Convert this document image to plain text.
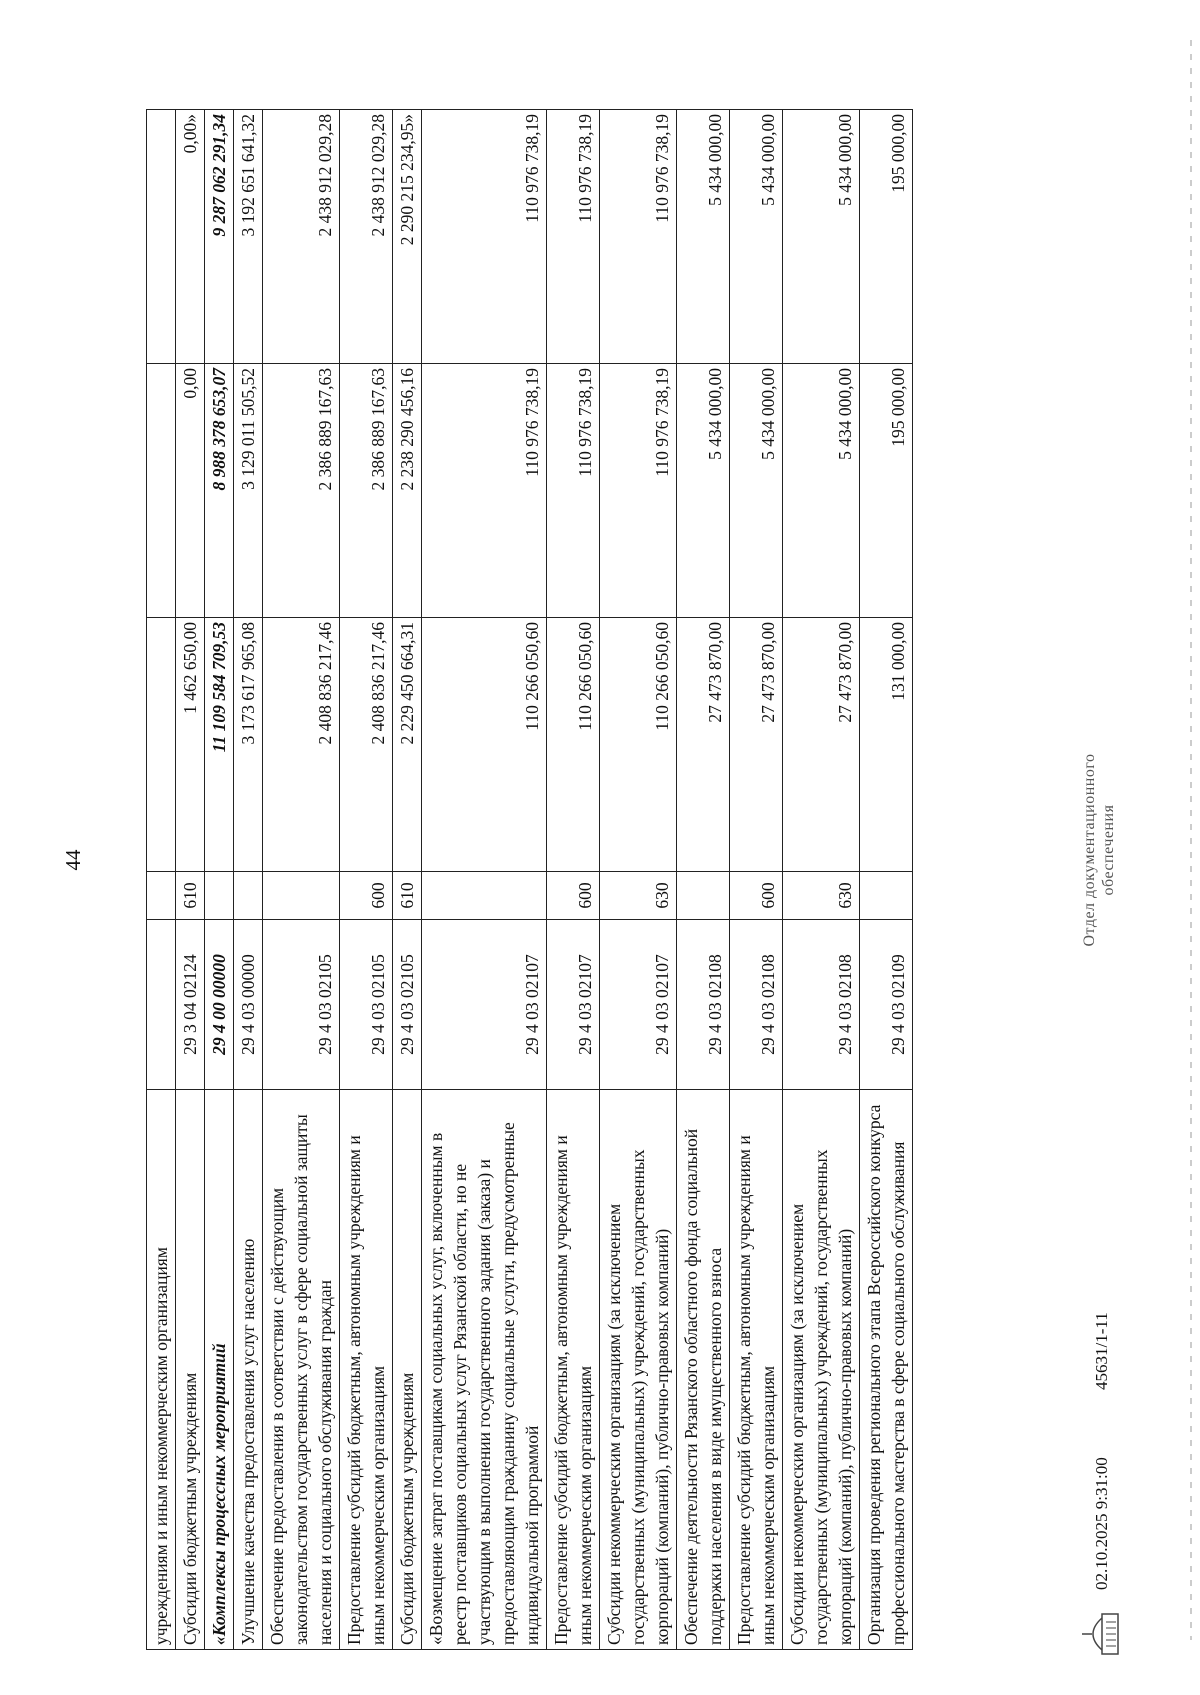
44
учреждениям и иным некоммерческим организациям					
Субсидии бюджетным учреждениям	29 3 04 02124	610	1 462 650,00	0,00	0,00»
«Комплексы процессных мероприятий	29 4 00 00000		11 109 584 709,53	8 988 378 653,07	9 287 062 291,34
Улучшение качества предоставления услуг населению	29 4 03 00000		3 173 617 965,08	3 129 011 505,52	3 192 651 641,32
Обеспечение предоставления в соответствии с действующим законодательством государственных услуг в сфере социальной защиты населения и социального обслуживания граждан	29 4 03 02105		2 408 836 217,46	2 386 889 167,63	2 438 912 029,28
Предоставление субсидий бюджетным, автономным учреждениям и иным некоммерческим организациям	29 4 03 02105	600	2 408 836 217,46	2 386 889 167,63	2 438 912 029,28
Субсидии бюджетным учреждениям	29 4 03 02105	610	2 229 450 664,31	2 238 290 456,16	2 290 215 234,95»
«Возмещение затрат поставщикам социальных услуг, включенным в реестр поставщиков социальных услуг Рязанской области, но не участвующим в выполнении государственного задания (заказа) и предоставляющим гражданину социальные услуги, предусмотренные индивидуальной программой	29 4 03 02107		110 266 050,60	110 976 738,19	110 976 738,19
Предоставление субсидий бюджетным, автономным учреждениям и иным некоммерческим организациям	29 4 03 02107	600	110 266 050,60	110 976 738,19	110 976 738,19
Субсидии некоммерческим организациям (за исключением государственных (муниципальных) учреждений, государственных корпораций (компаний), публично-правовых компаний)	29 4 03 02107	630	110 266 050,60	110 976 738,19	110 976 738,19
Обеспечение деятельности Рязанского областного фонда социальной поддержки населения в виде имущественного взноса	29 4 03 02108		27 473 870,00	5 434 000,00	5 434 000,00
Предоставление субсидий бюджетным, автономным учреждениям и иным некоммерческим организациям	29 4 03 02108	600	27 473 870,00	5 434 000,00	5 434 000,00
Субсидии некоммерческим организациям (за исключением государственных (муниципальных) учреждений, государственных корпораций (компаний), публично-правовых компаний)	29 4 03 02108	630	27 473 870,00	5 434 000,00	5 434 000,00
Организация проведения регионального этапа Всероссийского конкурса профессионального мастерства в сфере социального обслуживания	29 4 03 02109		131 000,00	195 000,00	195 000,00
02.10.2025 9:31:00
45631/1-11
Отдел документационного обеспечения
